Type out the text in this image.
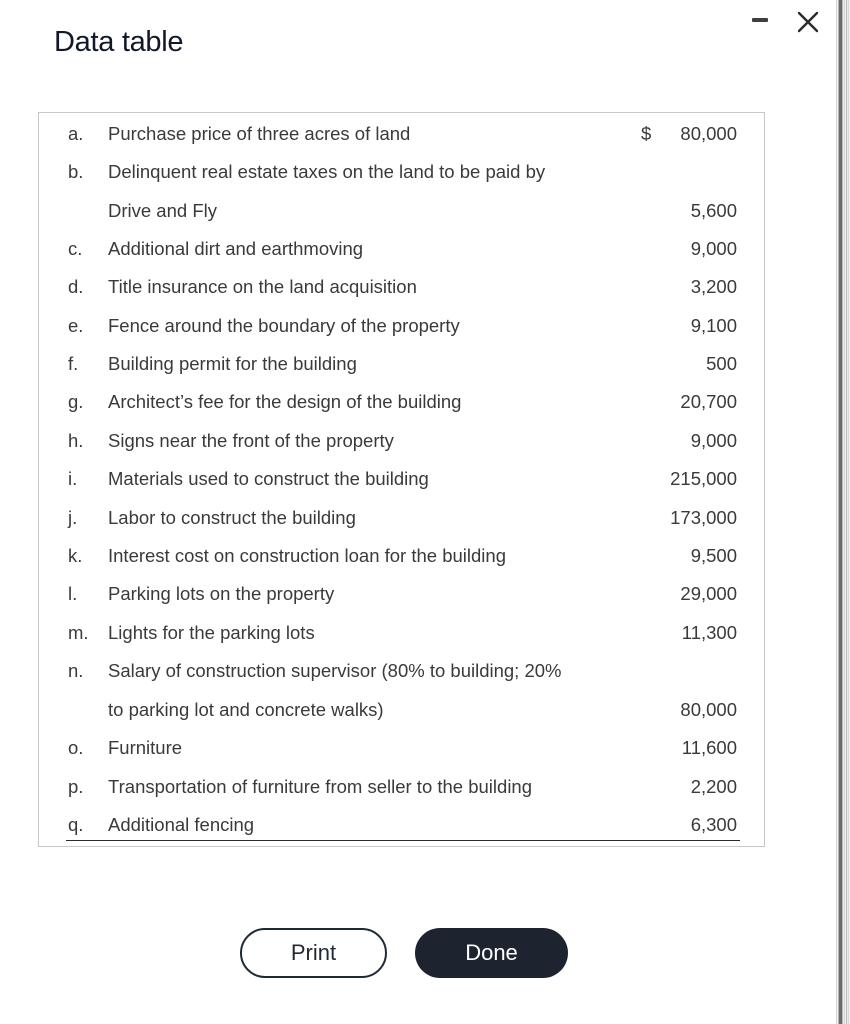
Data table
a. Purchase price of three acres of land	$ 80,000
b. Delinquent real estate taxes on the land to be paid by
Drive and Fly	5,600
c. Additional dirt and earthmoving	9,000
d. Title insurance on the land acquisition	3,200
e. Fence around the boundary of the property	9,100
f. Building permit for the building	500
g. Architect’s fee for the design of the building	20,700
h. Signs near the front of the property	9,000
i. Materials used to construct the building	215,000
j. Labor to construct the building	173,000
k. Interest cost on construction loan for the building	9,500
l. Parking lots on the property	29,000
m. Lights for the parking lots	11,300
n. Salary of construction supervisor (80% to building; 20%
to parking lot and concrete walks)	80,000
o. Furniture	11,600
p. Transportation of furniture from seller to the building	2,200
q. Additional fencing	6,300
Print	Done
